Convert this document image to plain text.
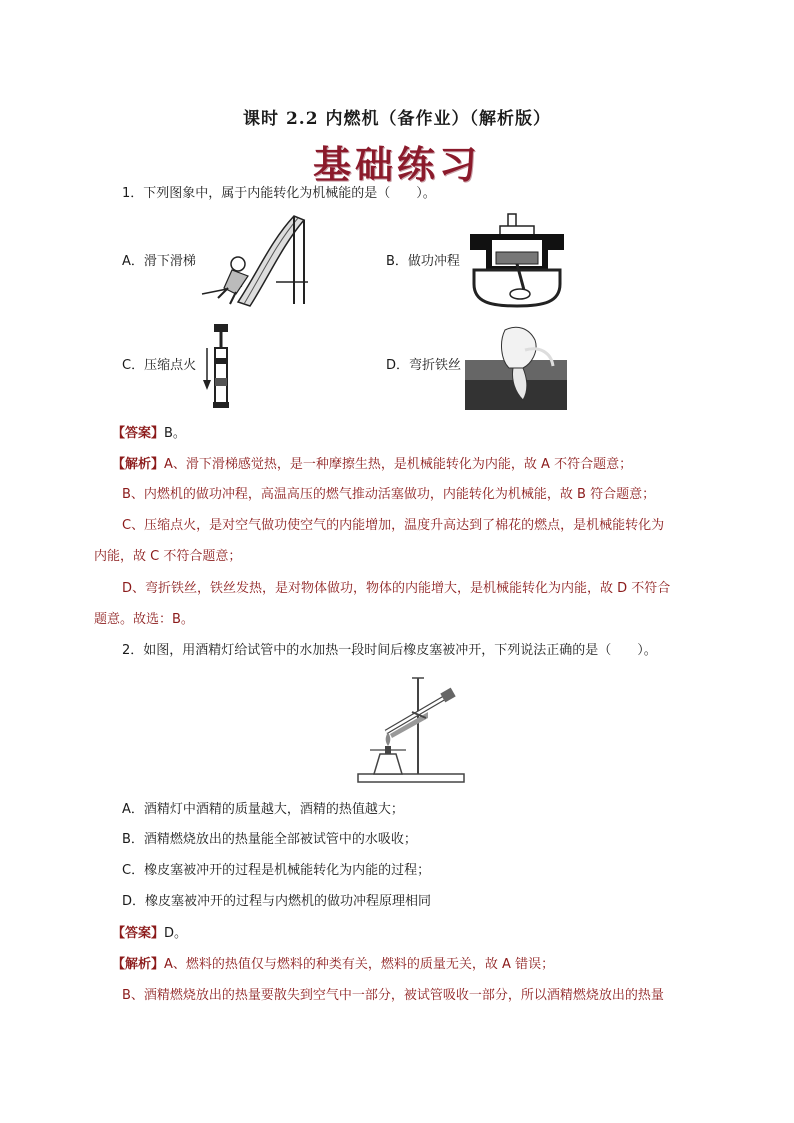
课时 2.2 内燃机（备作业）（解析版）
基础练习
1．下列图象中，属于内能转化为机械能的是（　　）。
A．滑下滑梯	B．做功冲程
C．压缩点火	D．弯折铁丝
【答案】B。
【解析】A、滑下滑梯感觉热，是一种摩擦生热，是机械能转化为内能，故 A 不符合题意；
B、内燃机的做功冲程，高温高压的燃气推动活塞做功，内能转化为机械能，故 B 符合题意；
C、压缩点火，是对空气做功使空气的内能增加，温度升高达到了棉花的燃点，是机械能转化为
内能，故 C 不符合题意；
D、弯折铁丝，铁丝发热，是对物体做功，物体的内能增大，是机械能转化为内能，故 D 不符合
题意。故选：B。
2．如图，用酒精灯给试管中的水加热一段时间后橡皮塞被冲开，下列说法正确的是（　　）。
A．酒精灯中酒精的质量越大，酒精的热值越大；
B．酒精燃烧放出的热量能全部被试管中的水吸收；
C．橡皮塞被冲开的过程是机械能转化为内能的过程；
D．橡皮塞被冲开的过程与内燃机的做功冲程原理相同
【答案】D。
【解析】A、燃料的热值仅与燃料的种类有关，燃料的质量无关，故 A 错误；
B、酒精燃烧放出的热量要散失到空气中一部分，被试管吸收一部分，所以酒精燃烧放出的热量
